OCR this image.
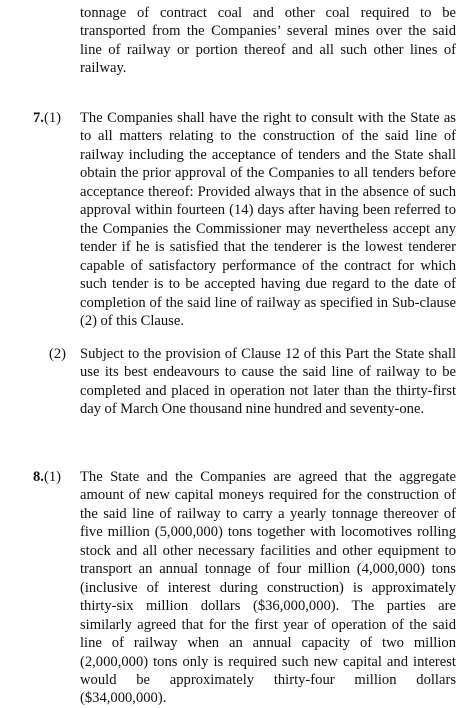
tonnage of contract coal and other coal required to be transported from the Companies’ several mines over the said line of railway or portion thereof and all such other lines of railway.
7.(1) The Companies shall have the right to consult with the State as to all matters relating to the construction of the said line of railway including the acceptance of tenders and the State shall obtain the prior approval of the Companies to all tenders before acceptance thereof: Provided always that in the absence of such approval within fourteen (14) days after having been referred to the Companies the Commissioner may nevertheless accept any tender if he is satisfied that the tenderer is the lowest tenderer capable of satisfactory performance of the contract for which such tender is to be accepted having due regard to the date of completion of the said line of railway as specified in Sub-clause (2) of this Clause.
(2) Subject to the provision of Clause 12 of this Part the State shall use its best endeavours to cause the said line of railway to be completed and placed in operation not later than the thirty-first day of March One thousand nine hundred and seventy-one.
8.(1) The State and the Companies are agreed that the aggregate amount of new capital moneys required for the construction of the said line of railway to carry a yearly tonnage thereover of five million (5,000,000) tons together with locomotives rolling stock and all other necessary facilities and other equipment to transport an annual tonnage of four million (4,000,000) tons (inclusive of interest during construction) is approximately thirty-six million dollars ($36,000,000). The parties are similarly agreed that for the first year of operation of the said line of railway when an annual capacity of two million (2,000,000) tons only is required such new capital and interest would be approximately thirty-four million dollars ($34,000,000).
